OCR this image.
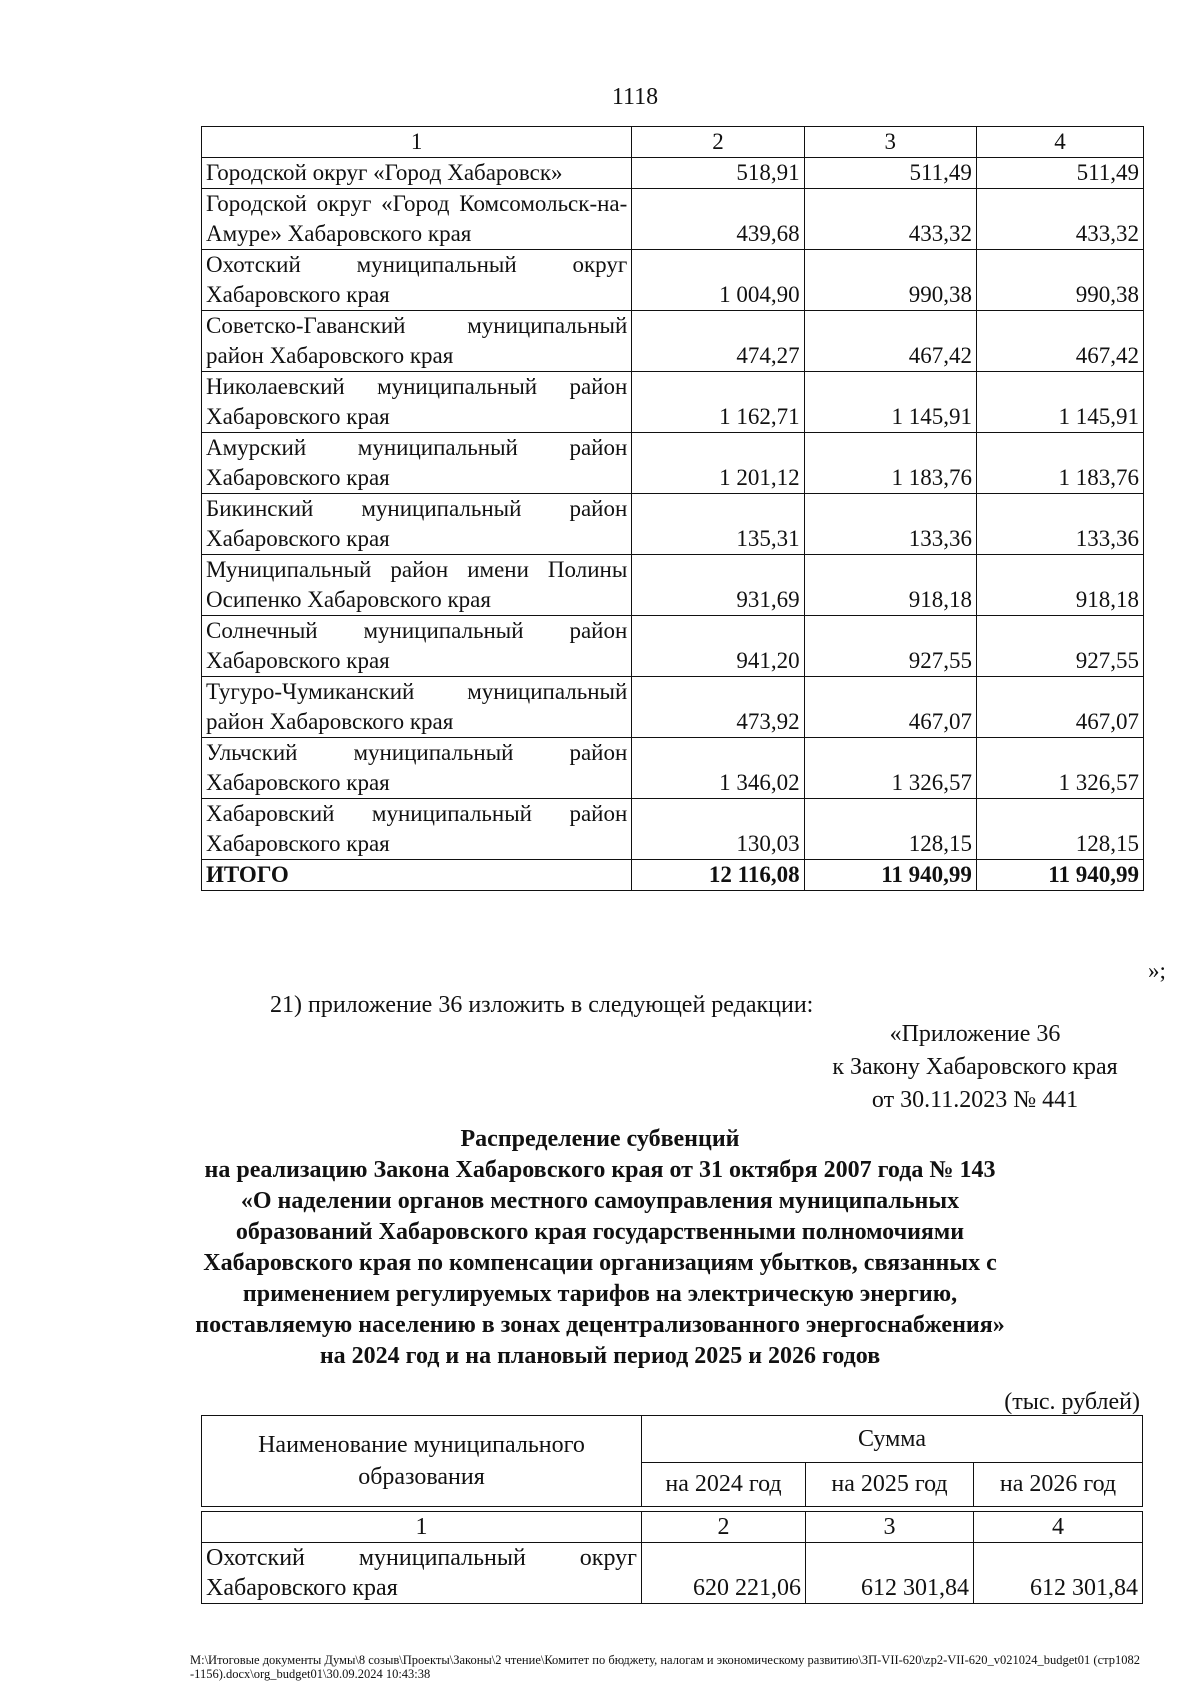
1118
1	2	3	4
Городской округ «Город Хабаровск»	518,91	511,49	511,49
Городской округ «Город Комсомольск-на-Амуре» Хабаровского края	439,68	433,32	433,32
Охотский муниципальный округ Хабаровского края	1 004,90	990,38	990,38
Советско-Гаванский муниципальный район Хабаровского края	474,27	467,42	467,42
Николаевский муниципальный район Хабаровского края	1 162,71	1 145,91	1 145,91
Амурский муниципальный район Хабаровского края	1 201,12	1 183,76	1 183,76
Бикинский муниципальный район Хабаровского края	135,31	133,36	133,36
Муниципальный район имени Полины Осипенко Хабаровского края	931,69	918,18	918,18
Солнечный муниципальный район Хабаровского края	941,20	927,55	927,55
Тугуро-Чумиканский муниципальный район Хабаровского края	473,92	467,07	467,07
Ульчский муниципальный район Хабаровского края	1 346,02	1 326,57	1 326,57
Хабаровский муниципальный район Хабаровского края	130,03	128,15	128,15
ИТОГО	12 116,08	11 940,99	11 940,99
»;
21) приложение 36 изложить в следующей редакции:
«Приложение 36
к Закону Хабаровского края
от 30.11.2023 № 441
Распределение субвенций
на реализацию Закона Хабаровского края от 31 октября 2007 года № 143
«О наделении органов местного самоуправления муниципальных
образований Хабаровского края государственными полномочиями
Хабаровского края по компенсации организациям убытков, связанных с
применением регулируемых тарифов на электрическую энергию,
поставляемую населению в зонах децентрализованного энергоснабжения»
на 2024 год и на плановый период 2025 и 2026 годов
(тыс. рублей)
Наименование муниципального образования	Сумма		
	на 2024 год	на 2025 год	на 2026 год

1	2	3	4
Охотский муниципальный округ Хабаровского края	620 221,06	612 301,84	612 301,84
М:\Итоговые документы Думы\8 созыв\Проекты\Законы\2 чтение\Комитет по бюджету, налогам и экономическому развитию\ЗП-VII-620\zp2-VII-620_v021024_budget01 (стр1082-1156).docx\org_budget01\30.09.2024 10:43:38
